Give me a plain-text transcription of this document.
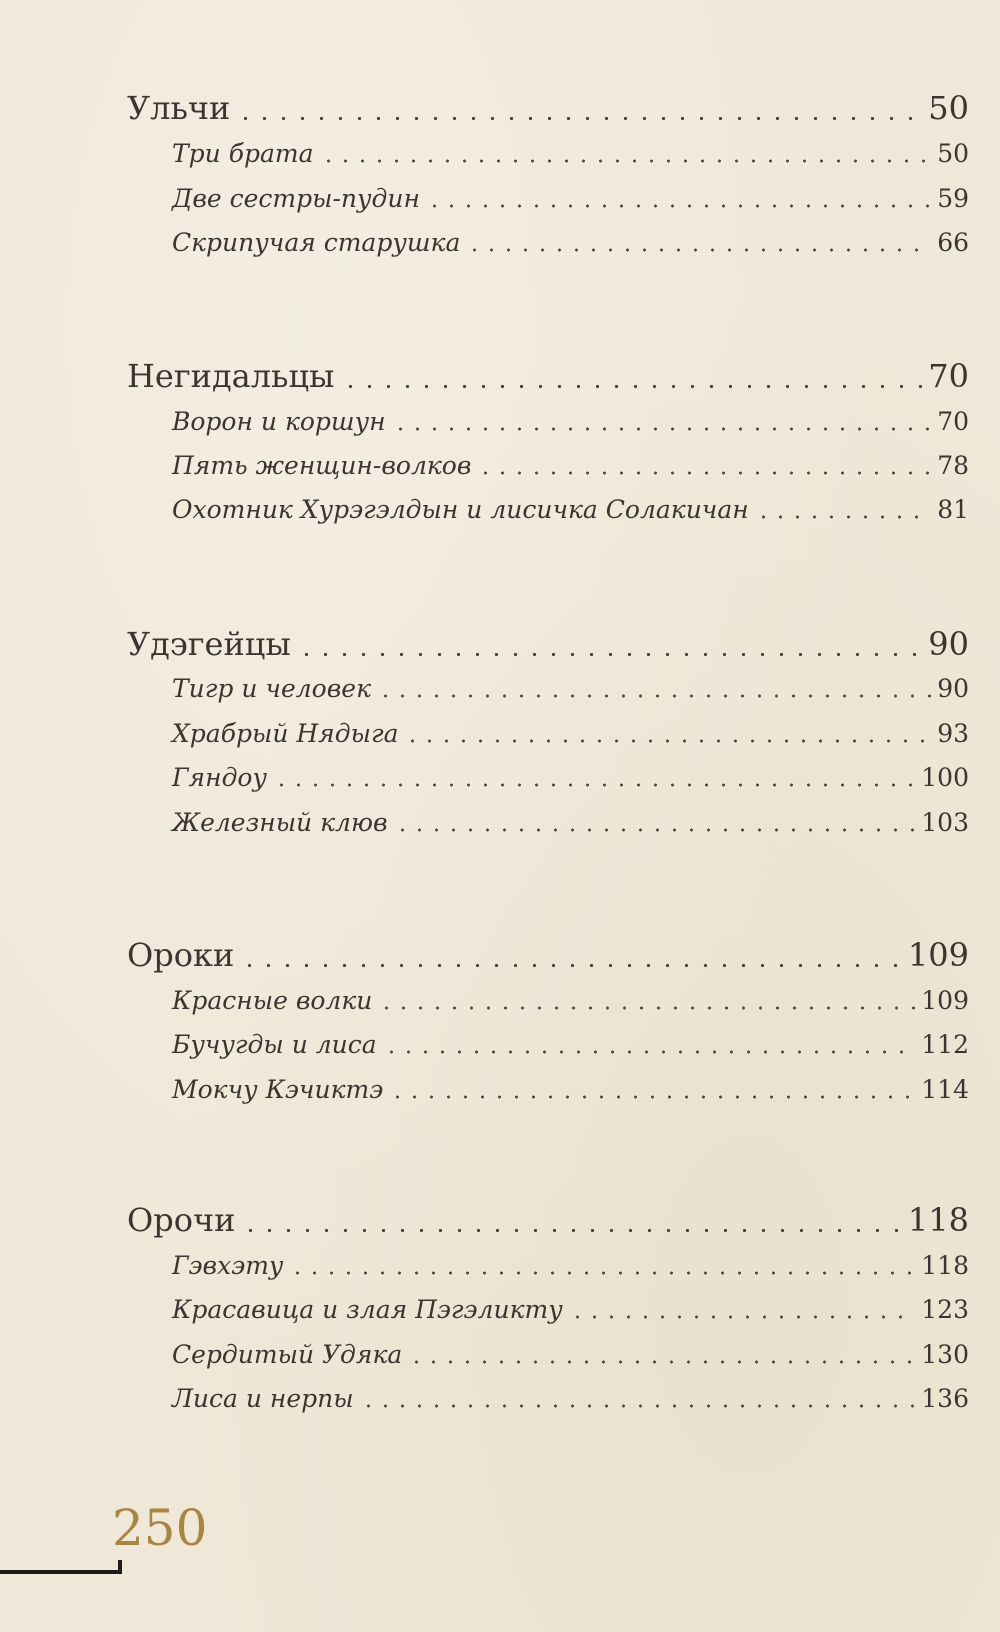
Ульчи	50
Три брата	50
Две сестры-пудин	59
Скрипучая старушка	66
Негидальцы	70
Ворон и коршун	70
Пять женщин-волков	78
Охотник Хурэгэлдын и лисичка Солакичан	81
Удэгейцы	90
Тигр и человек	90
Храбрый Нядыга	93
Гяндоу	100
Железный клюв	103
Ороки	109
Красные волки	109
Бучугды и лиса	112
Мокчу Кэчиктэ	114
Орочи	118
Гэвхэту	118
Красавица и злая Пэгэликту	123
Сердитый Удяка	130
Лиса и нерпы	136
250
